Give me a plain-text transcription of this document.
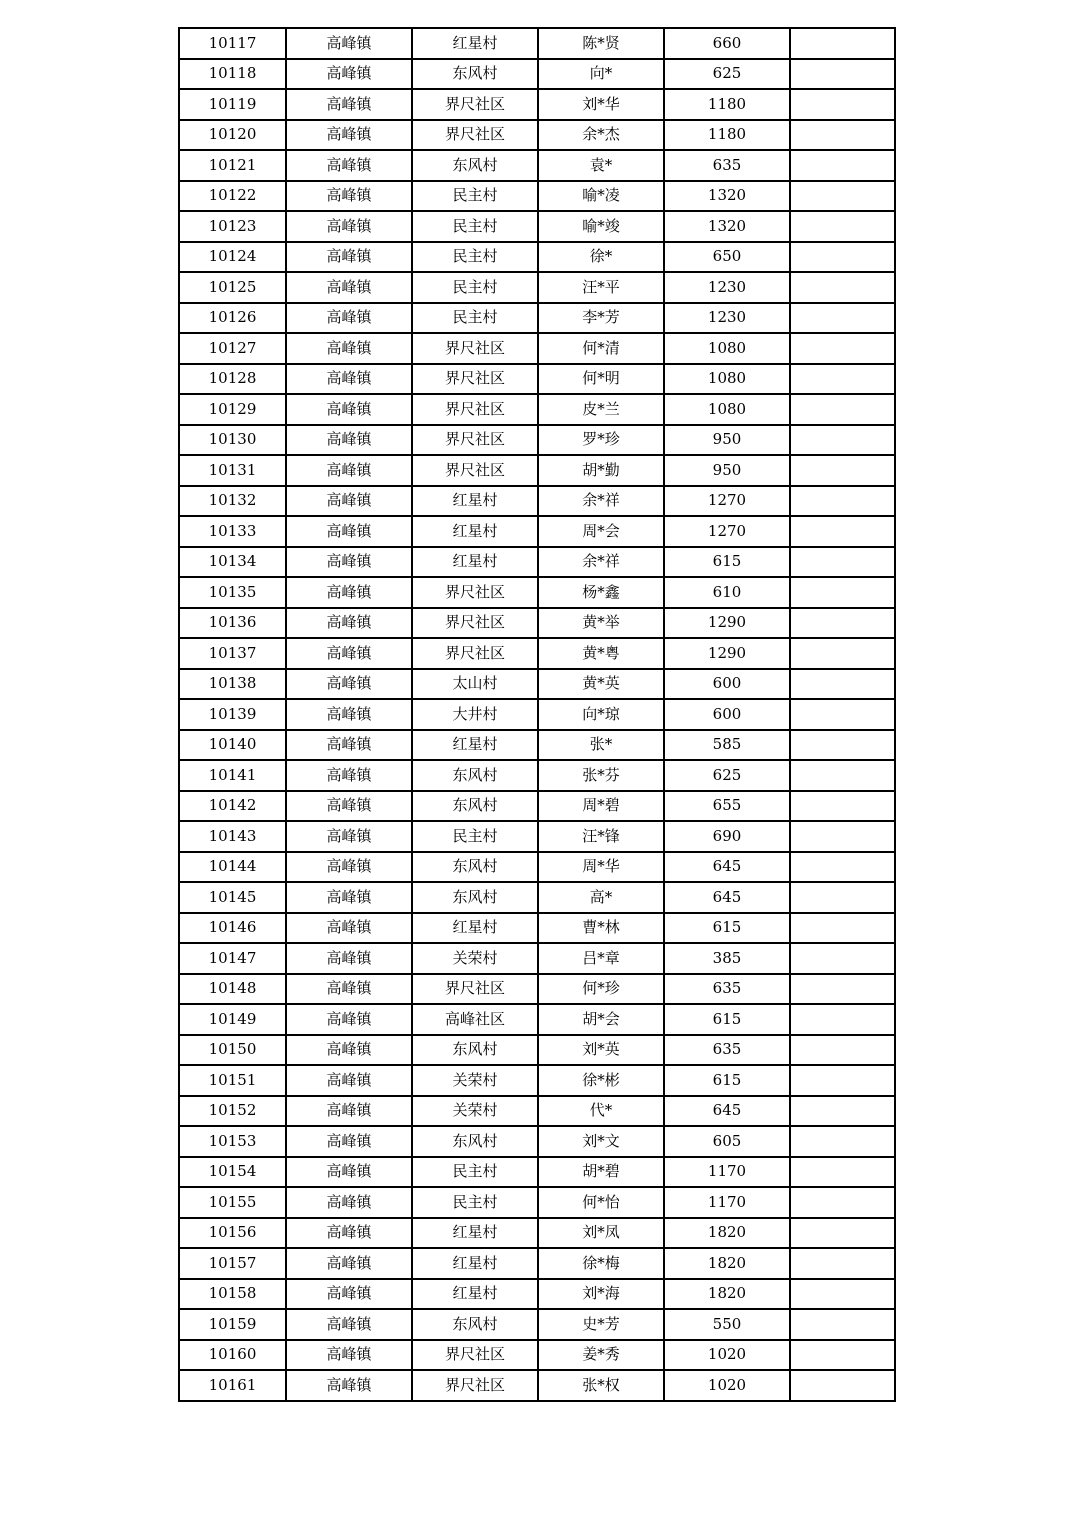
10117	高峰镇	红星村	陈*贤	660	
10118	高峰镇	东风村	向*	625	
10119	高峰镇	界尺社区	刘*华	1180	
10120	高峰镇	界尺社区	余*杰	1180	
10121	高峰镇	东风村	袁*	635	
10122	高峰镇	民主村	喻*凌	1320	
10123	高峰镇	民主村	喻*竣	1320	
10124	高峰镇	民主村	徐*	650	
10125	高峰镇	民主村	汪*平	1230	
10126	高峰镇	民主村	李*芳	1230	
10127	高峰镇	界尺社区	何*清	1080	
10128	高峰镇	界尺社区	何*明	1080	
10129	高峰镇	界尺社区	皮*兰	1080	
10130	高峰镇	界尺社区	罗*珍	950	
10131	高峰镇	界尺社区	胡*勤	950	
10132	高峰镇	红星村	余*祥	1270	
10133	高峰镇	红星村	周*会	1270	
10134	高峰镇	红星村	余*祥	615	
10135	高峰镇	界尺社区	杨*鑫	610	
10136	高峰镇	界尺社区	黄*举	1290	
10137	高峰镇	界尺社区	黄*粤	1290	
10138	高峰镇	太山村	黄*英	600	
10139	高峰镇	大井村	向*琼	600	
10140	高峰镇	红星村	张*	585	
10141	高峰镇	东风村	张*芬	625	
10142	高峰镇	东风村	周*碧	655	
10143	高峰镇	民主村	汪*锋	690	
10144	高峰镇	东风村	周*华	645	
10145	高峰镇	东风村	高*	645	
10146	高峰镇	红星村	曹*林	615	
10147	高峰镇	关荣村	吕*章	385	
10148	高峰镇	界尺社区	何*珍	635	
10149	高峰镇	高峰社区	胡*会	615	
10150	高峰镇	东风村	刘*英	635	
10151	高峰镇	关荣村	徐*彬	615	
10152	高峰镇	关荣村	代*	645	
10153	高峰镇	东风村	刘*文	605	
10154	高峰镇	民主村	胡*碧	1170	
10155	高峰镇	民主村	何*怡	1170	
10156	高峰镇	红星村	刘*凤	1820	
10157	高峰镇	红星村	徐*梅	1820	
10158	高峰镇	红星村	刘*海	1820	
10159	高峰镇	东风村	史*芳	550	
10160	高峰镇	界尺社区	姜*秀	1020	
10161	高峰镇	界尺社区	张*权	1020	
